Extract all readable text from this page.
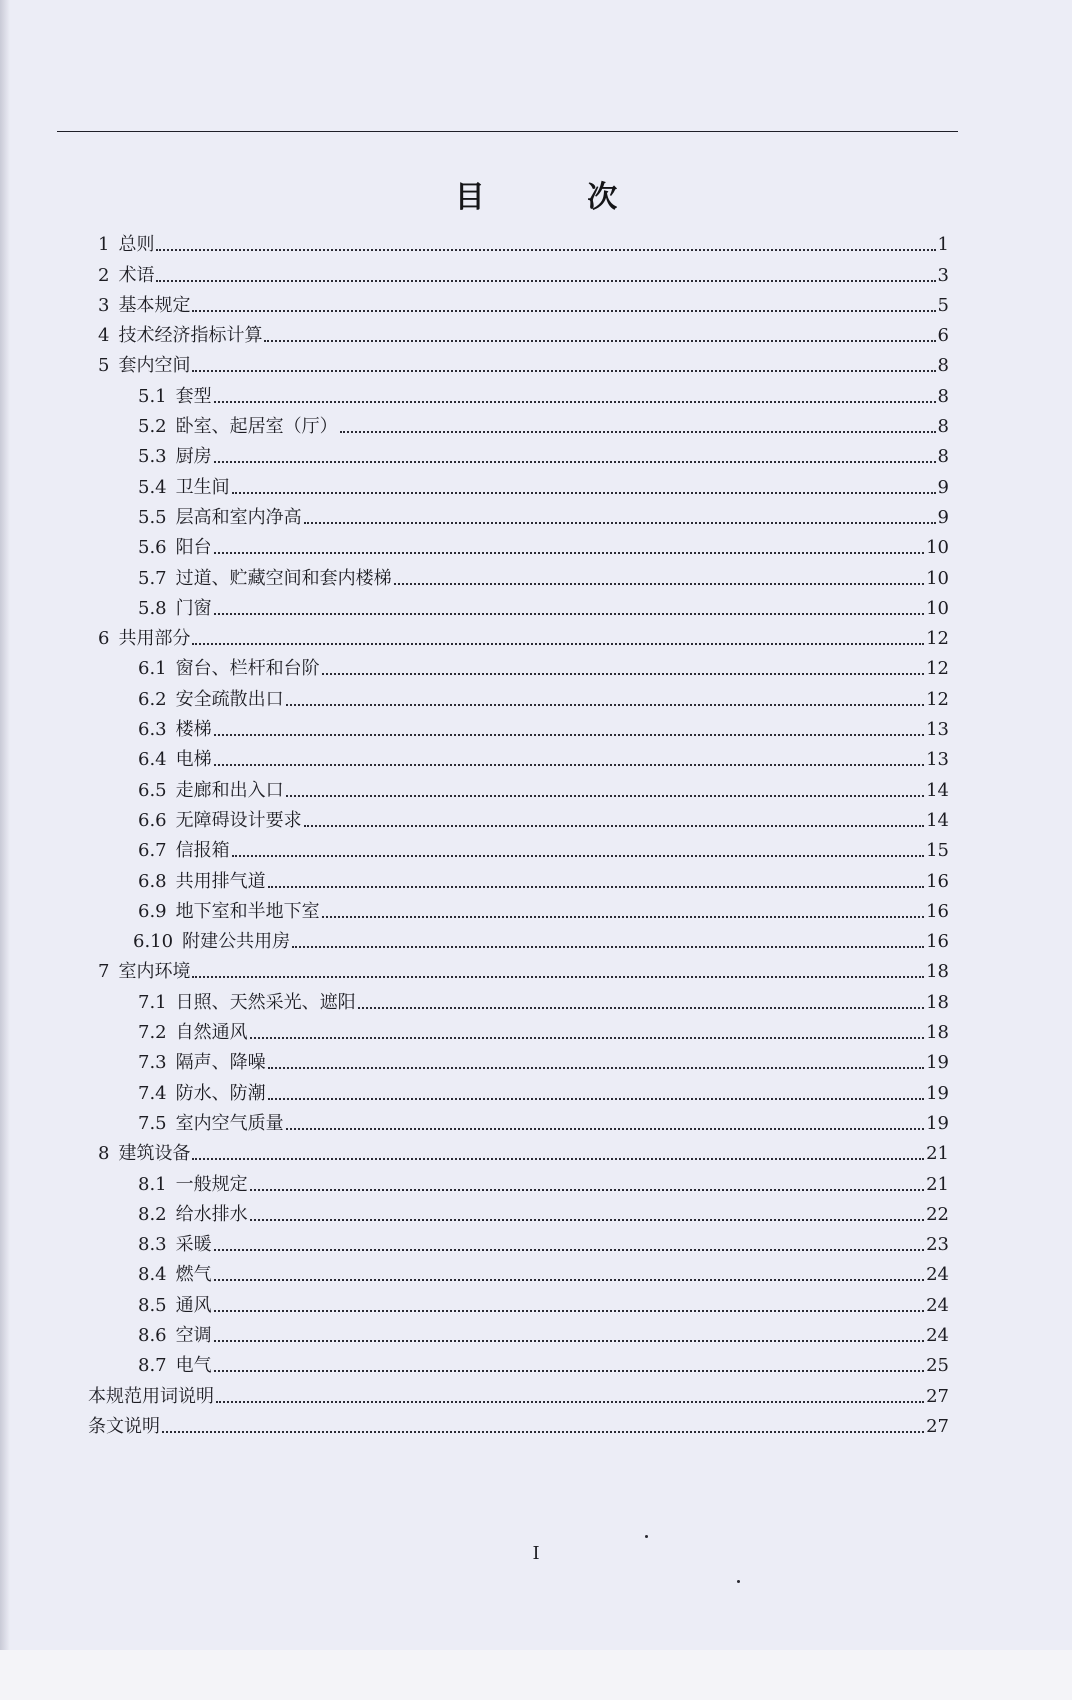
目 次
1 总则	1
2 术语	3
3 基本规定	5
4 技术经济指标计算	6
5 套内空间	8
5.1 套型	8
5.2 卧室、起居室（厅）	8
5.3 厨房	8
5.4 卫生间	9
5.5 层高和室内净高	9
5.6 阳台	10
5.7 过道、贮藏空间和套内楼梯	10
5.8 门窗	10
6 共用部分	12
6.1 窗台、栏杆和台阶	12
6.2 安全疏散出口	12
6.3 楼梯	13
6.4 电梯	13
6.5 走廊和出入口	14
6.6 无障碍设计要求	14
6.7 信报箱	15
6.8 共用排气道	16
6.9 地下室和半地下室	16
6.10 附建公共用房	16
7 室内环境	18
7.1 日照、天然采光、遮阳	18
7.2 自然通风	18
7.3 隔声、降噪	19
7.4 防水、防潮	19
7.5 室内空气质量	19
8 建筑设备	21
8.1 一般规定	21
8.2 给水排水	22
8.3 采暖	23
8.4 燃气	24
8.5 通风	24
8.6 空调	24
8.7 电气	25
本规范用词说明	27
条文说明	27
I
